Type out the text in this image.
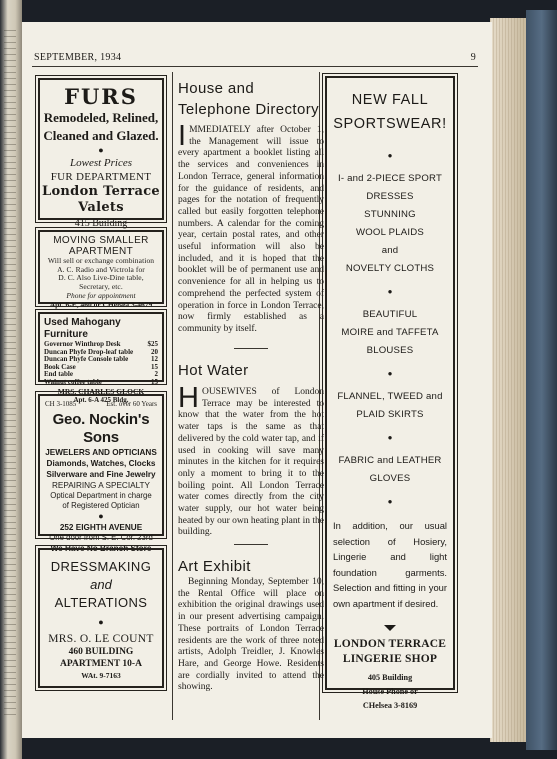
SEPTEMBER, 1934	9
FURS
Remodeled, Relined,
Cleaned and Glazed.
●
Lowest Prices
FUR DEPARTMENT
London Terrace
Valets
415 Building
MOVING SMALLER
APARTMENT
Will sell or exchange combination
A. C. Radio and Victrola for
D. C. Also Live-Dine table,
Secretary, etc.
Phone for appointment
Apt. 6-E, 460 or CHelsea 3-4679
Used Mahogany Furniture
Governor Winthrop Desk	$25
Duncan Phyfe Drop-leaf table	20
Duncan Phyfe Console table	12
Book Case	15
End table	2
Walnut coffee table	15
MRS. CHARLES GLOCK
Apt. 6-A 425 Bldg.
CH 3-1085	Est. over 60 Years
Geo. Nockin's Sons
JEWELERS AND OPTICIANS
Diamonds, Watches, Clocks
Silverware and Fine Jewelry
REPAIRING A SPECIALTY
Optical Department in charge
of Registered Optician
●
252 EIGHTH AVENUE
One door from S. E. Cor. 23rd
We Have No Branch Store
DRESSMAKING
and
ALTERATIONS
●
MRS. O. LE COUNT
460 BUILDING
APARTMENT 10-A
WAt. 9-7163
House and
Telephone Directory

IMMEDIATELY after October 1, the Management will issue to every apartment a booklet listing all the services and conveniences in London Terrace, general information for the guidance of residents, and pages for the notation of frequently called but easily forgotten telephone numbers. A calendar for the coming year, certain postal rates, and other useful information will also be included, and it is hoped that the booklet will be of permanent use and convenience for all in helping us to comprehend the perfected system of operation in force in London Terrace, now firmly established as a community by itself.

Hot Water

HOUSEWIVES of London Terrace may be interested to know that the water from the hot water taps is the same as that delivered by the cold water tap, and if used in cooking will save many minutes in the kitchen for it requires only a moment to bring it to the boiling point. All London Terrace water comes directly from the city water supply, our hot water being heated by our own heating plant in the building.

Art Exhibit

Beginning Monday, September 10, the Rental Office will place on exhibition the original drawings used in our present advertising campaign. These portraits of London Terrace residents are the work of three noted artists, Adolph Treidler, J. Knowles Hare, and George Howe. Residents are cordially invited to attend the showing.

NEW FALL
SPORTSWEAR!
●
I- and 2-PIECE SPORT
DRESSES
STUNNING
WOOL PLAIDS
and
NOVELTY CLOTHS
●
BEAUTIFUL
MOIRE and TAFFETA
BLOUSES
●
FLANNEL, TWEED and
PLAID SKIRTS
●
FABRIC and LEATHER
GLOVES
●
In addition, our usual selection of Hosiery, Lingerie and light foundation garments. Selection and fitting in your own apartment if desired.
LONDON TERRACE
LINGERIE SHOP
405 Building
House Phone or
CHelsea 3-8169
